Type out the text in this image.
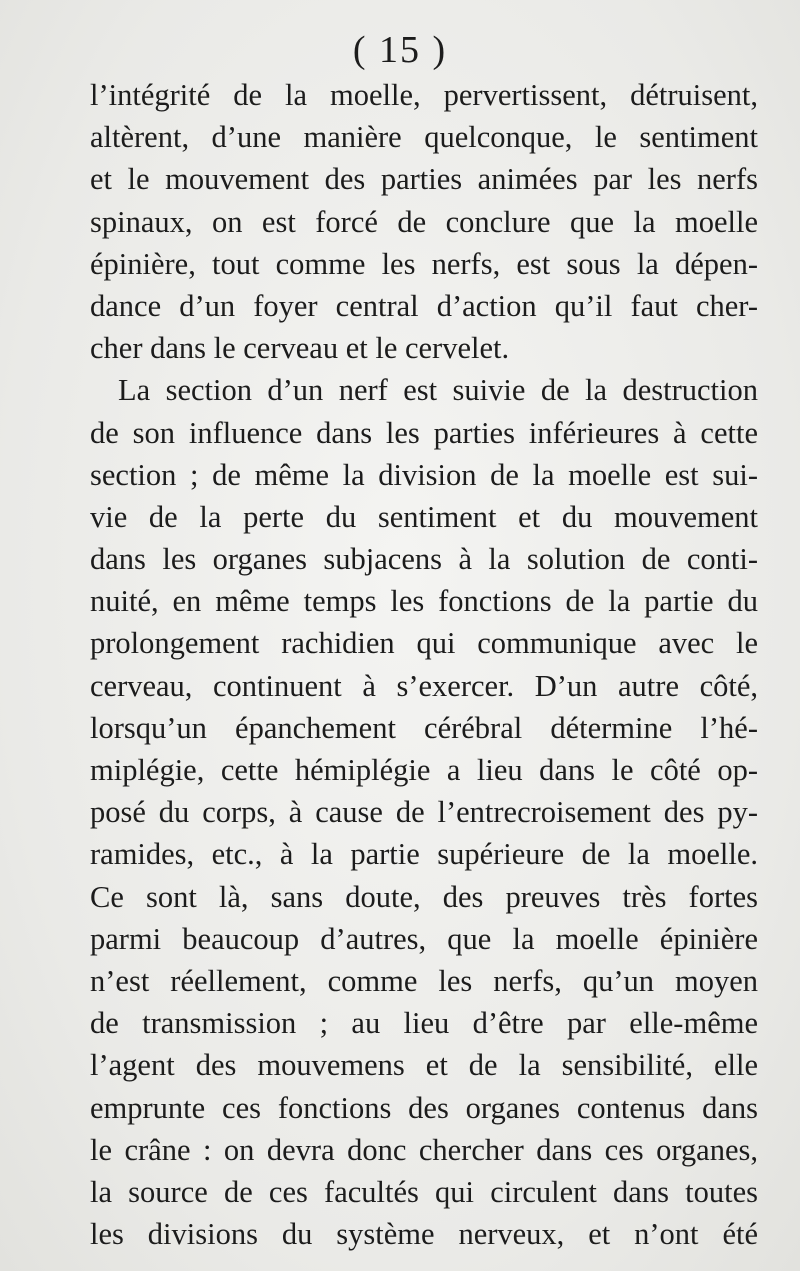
( 15 )
l’intégrité de la moelle, pervertissent, détruisent,
altèrent, d’une manière quelconque, le sentiment
et le mouvement des parties animées par les nerfs
spinaux, on est forcé de conclure que la moelle
épinière, tout comme les nerfs, est sous la dépen-
dance d’un foyer central d’action qu’il faut cher-
cher dans le cerveau et le cervelet.
La section d’un nerf est suivie de la destruction
de son influence dans les parties inférieures à cette
section ; de même la division de la moelle est sui-
vie de la perte du sentiment et du mouvement
dans les organes subjacens à la solution de conti-
nuité, en même temps les fonctions de la partie du
prolongement rachidien qui communique avec le
cerveau, continuent à s’exercer. D’un autre côté,
lorsqu’un épanchement cérébral détermine l’hé-
miplégie, cette hémiplégie a lieu dans le côté op-
posé du corps, à cause de l’entrecroisement des py-
ramides, etc., à la partie supérieure de la moelle.
Ce sont là, sans doute, des preuves très fortes
parmi beaucoup d’autres, que la moelle épinière
n’est réellement, comme les nerfs, qu’un moyen
de transmission ; au lieu d’être par elle-même
l’agent des mouvemens et de la sensibilité, elle
emprunte ces fonctions des organes contenus dans
le crâne : on devra donc chercher dans ces organes,
la source de ces facultés qui circulent dans toutes
les divisions du système nerveux, et n’ont été
